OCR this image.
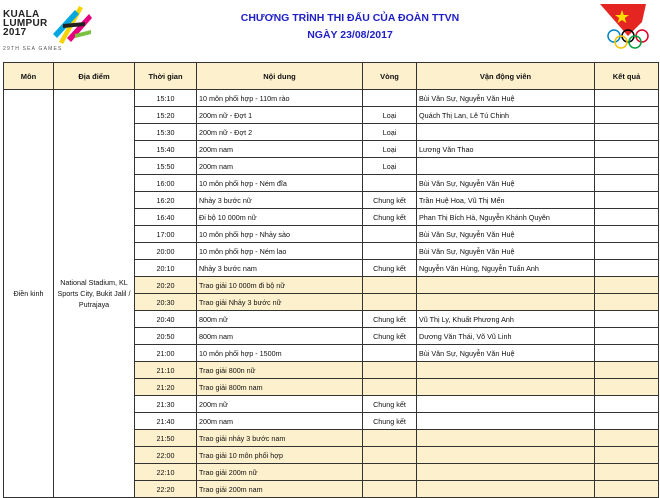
KUALA
LUMPUR
2017
29TH SEA GAMES
CHƯƠNG TRÌNH THI ĐẤU CỦA ĐOÀN TTVN
NGÀY 23/08/2017
Môn	Địa điểm	Thời gian	Nội dung	Vòng	Vận động viên	Kết quả
Điền kinh	National Stadium, KL Sports City, Bukit Jalil / Putrajaya	15:10	10 môn phối hợp - 110m rào		Bùi Văn Sự, Nguyễn Văn Huệ	
		15:20	200m nữ - Đợt 1	Loại	Quách Thị Lan, Lê Tú Chinh	
		15:30	200m nữ - Đợt 2	Loại		
		15:40	200m nam	Loại	Lương Văn Thao	
		15:50	200m nam	Loại		
		16:00	10 môn phối hợp - Ném đĩa		Bùi Văn Sự, Nguyễn Văn Huệ	
		16:20	Nhảy 3 bước nữ	Chung kết	Trần Huệ Hoa, Vũ Thị Mến	
		16:40	Đi bộ 10 000m nữ	Chung kết	Phan Thị Bích Hà, Nguyễn Khánh Quyên	
		17:00	10 môn phối hợp - Nhảy sào		Bùi Văn Sự, Nguyễn Văn Huệ	
		20:00	10 môn phối hợp - Ném lao		Bùi Văn Sự, Nguyễn Văn Huệ	
		20:10	Nhảy 3 bước nam	Chung kết	Nguyễn Văn Hùng, Nguyễn Tuấn Anh	
		20:20	Trao giải 10 000m đi bộ nữ			
		20:30	Trao giải Nhảy 3 bước nữ			
		20:40	800m nữ	Chung kết	Vũ Thị Ly, Khuất Phương Anh	
		20:50	800m nam	Chung kết	Dương Văn Thái, Võ Vũ Linh	
		21:00	10 môn phối hợp - 1500m		Bùi Văn Sự, Nguyễn Văn Huệ	
		21:10	Trao giải 800n nữ			
		21:20	Trao giải 800m nam			
		21:30	200m nữ	Chung kết		
		21:40	200m nam	Chung kết		
		21:50	Trao giải nhảy 3 bước nam			
		22:00	Trao giải 10 môn phối hợp			
		22:10	Trao giải 200m nữ			
		22:20	Trao giải 200m nam			
